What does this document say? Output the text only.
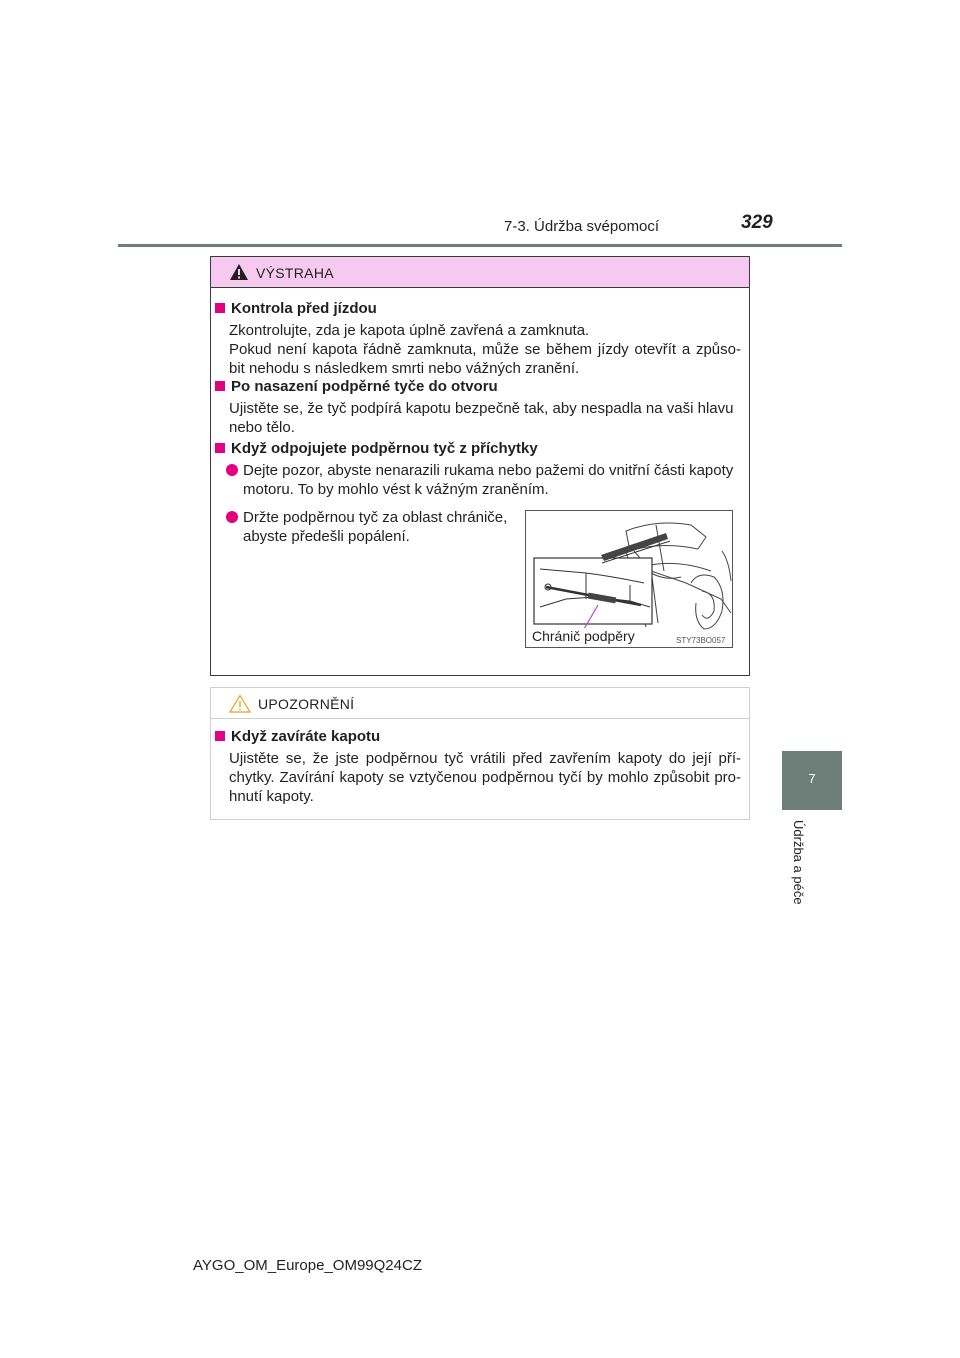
7-3. Údržba svépomocí	329
7
Údržba a péče
VÝSTRAHA
Kontrola před jízdou
Zkontrolujte, zda je kapota úplně zavřená a zamknuta.
Pokud není kapota řádně zamknuta, může se během jízdy otevřít a způso-
bit nehodu s následkem smrti nebo vážných zranění.
Po nasazení podpěrné tyče do otvoru
Ujistěte se, že tyč podpírá kapotu bezpečně tak, aby nespadla na vaši hlavu
nebo tělo.
Když odpojujete podpěrnou tyč z příchytky
Dejte pozor, abyste nenarazili rukama nebo pažemi do vnitřní části kapoty
motoru. To by mohlo vést k vážným zraněním.
Držte podpěrnou tyč za oblast chrániče,
abyste předešli popálení.
Chránič podpěry	STY73BO057
UPOZORNĚNÍ
Když zavíráte kapotu
Ujistěte se, že jste podpěrnou tyč vrátili před zavřením kapoty do její pří-
chytky. Zavírání kapoty se vztyčenou podpěrnou tyčí by mohlo způsobit pro-
hnutí kapoty.
AYGO_OM_Europe_OM99Q24CZ
